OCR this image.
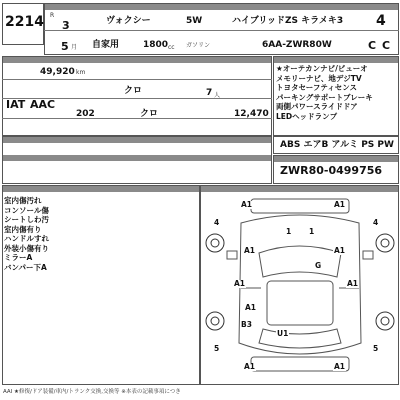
2214 R
3	ヴォクシー	5W	ハイブリッドZS キラメキ3 4
5 月 自家用	1800 cc ガソリン	6AA-ZWR80W	C C
49,920 km
クロ	7 人
IAT AAC
202	クロ	12,470
★オーテカンナビ/ビューオ
メモリーナビ、地デジTV
トヨタセーフティセンス
パーキングサポートブレーキ
両側パワースライドドア
LEDヘッドランプ
ABS エアB アルミ PS PW
ZWR80-0499756
室内傷汚れ
コンソール傷
シートしわ汚
室内傷有り
ハンドルすれ
外装小傷有り
ミラーA
バンパー下A
A1	A1
4	4
1 1
A1	A1
G
A1	A1
A1
B3
U1
A1	A1
5	5
AAI ★修復/ドア装備/車内/トランク交換,交換等 ※本表の記載事項につき
